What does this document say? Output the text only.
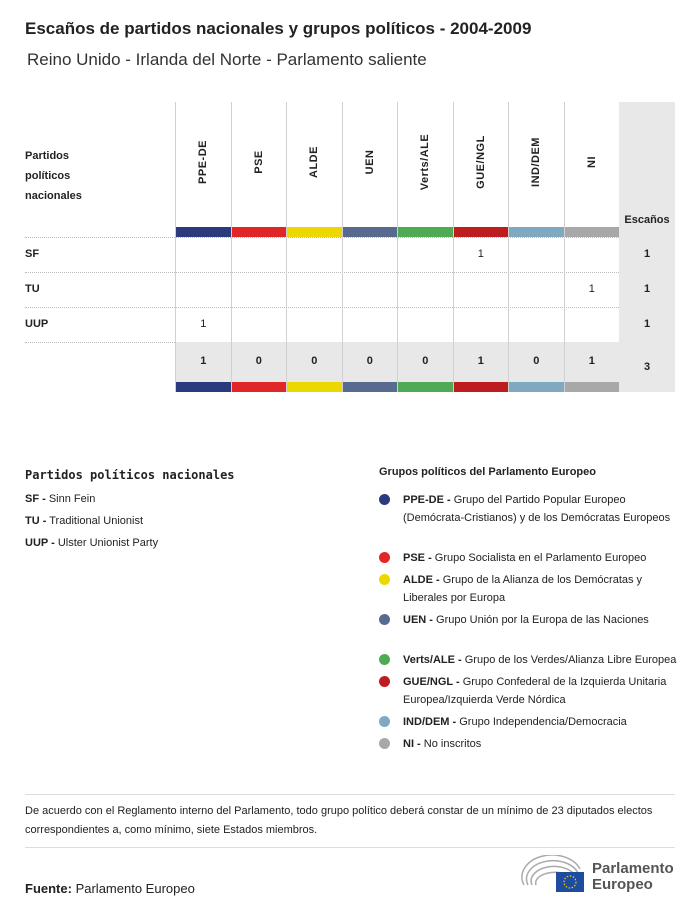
Escaños de partidos nacionales y grupos políticos - 2004-2009
Reino Unido - Irlanda del Norte - Parlamento saliente
Partidos políticos nacionales
SF
TU
UUP
PPE-DE
1
1
PSE
0
ALDE
0
UEN
0
Verts/ALE
0
GUE/NGL
1
1
IND/DEM
0
NI
1
1
Escaños
1
1
1
3
Partidos políticos nacionales
SF - Sinn Fein
TU - Traditional Unionist
UUP - Ulster Unionist Party
Grupos políticos del Parlamento Europeo
PPE-DE - Grupo del Partido Popular Europeo (Demócrata-Cristianos) y de los Demócratas Europeos
PSE - Grupo Socialista en el Parlamento Europeo
ALDE - Grupo de la Alianza de los Demócratas y Liberales por Europa
UEN - Grupo Unión por la Europa de las Naciones
Verts/ALE - Grupo de los Verdes/Alianza Libre Europea
GUE/NGL - Grupo Confederal de la Izquierda Unitaria Europea/Izquierda Verde Nórdica
IND/DEM - Grupo Independencia/Democracia
NI - No inscritos
De acuerdo con el Reglamento interno del Parlamento, todo grupo político deberá constar de un mínimo de 23 diputados electos correspondientes a, como mínimo, siete Estados miembros.
Fuente: Parlamento Europeo
Parlamento
Europeo
